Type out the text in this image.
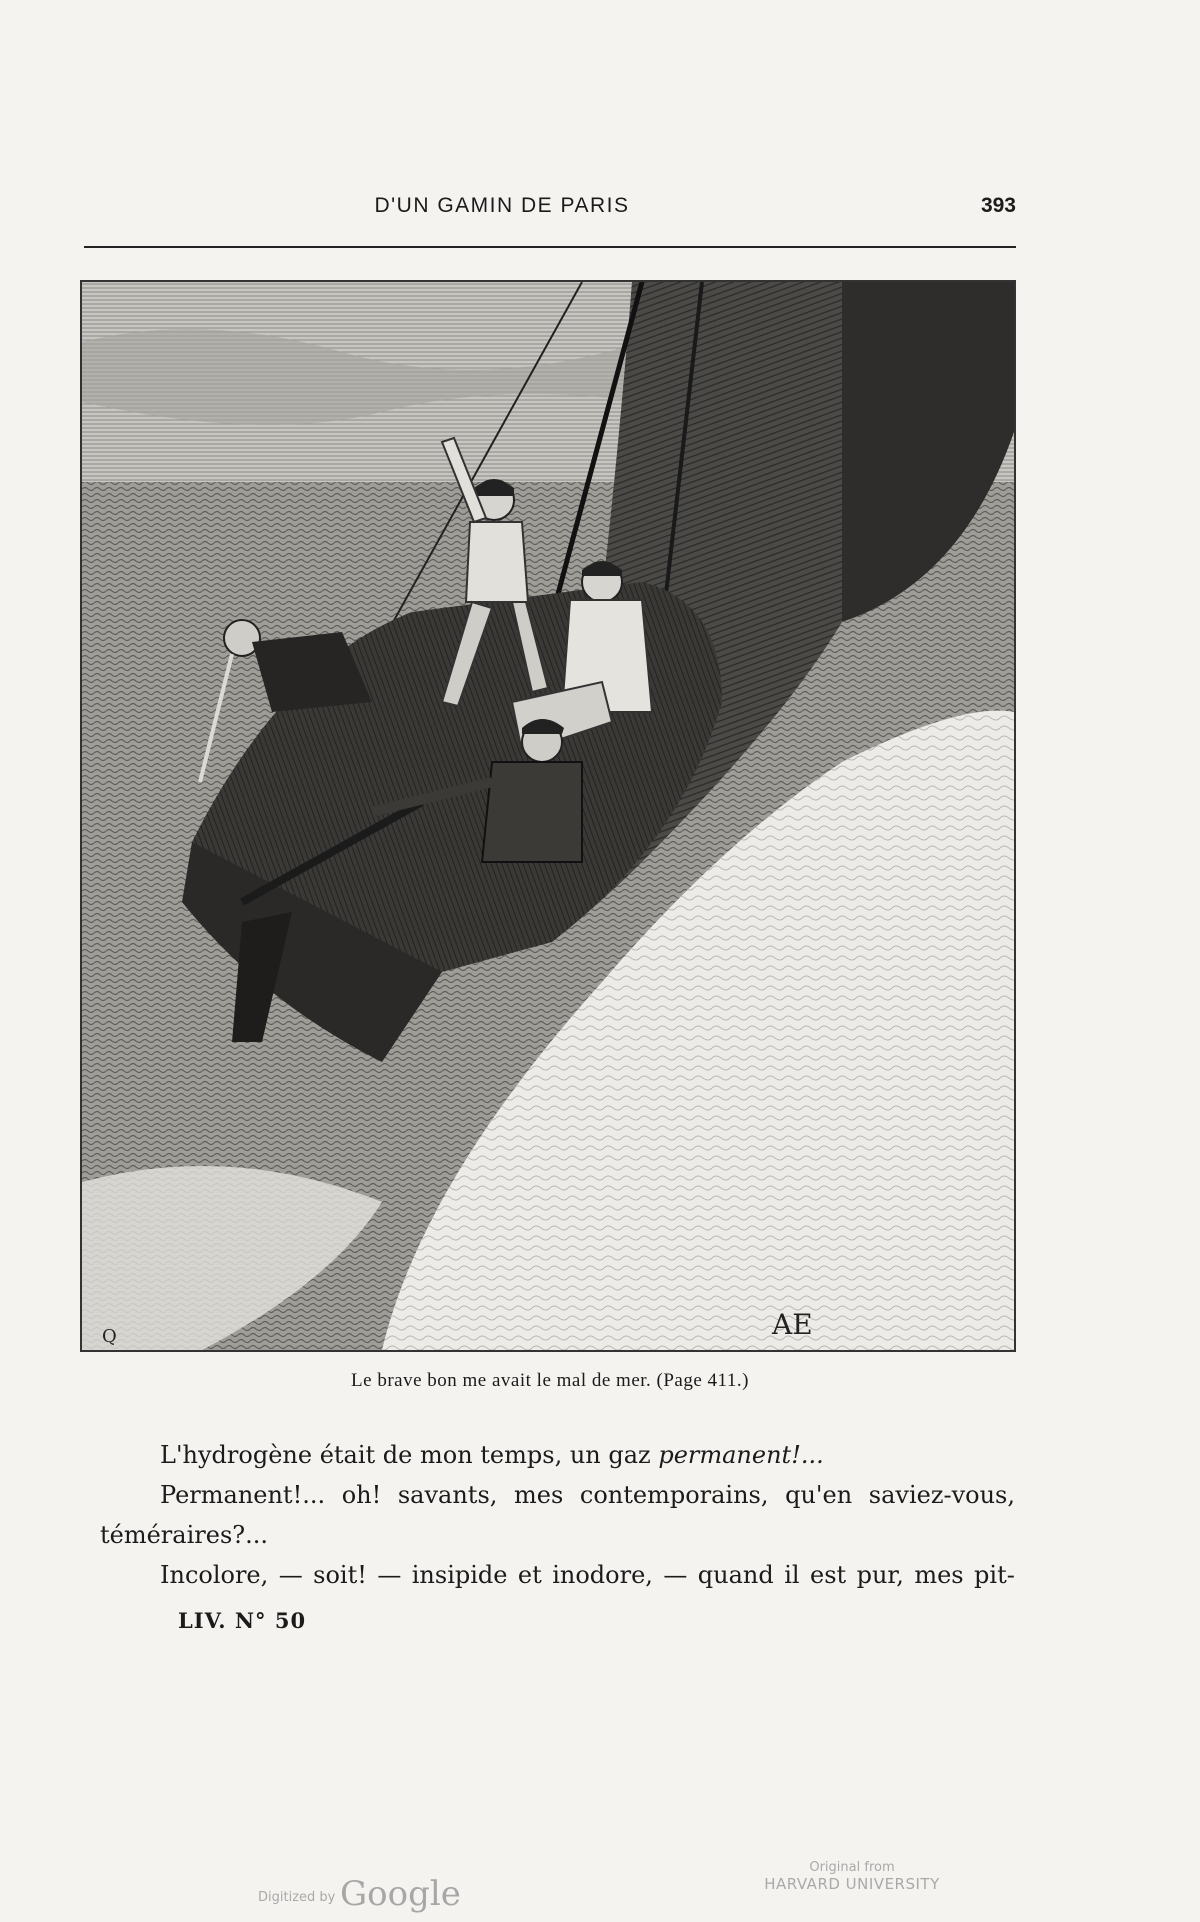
D'UN GAMIN DE PARIS	393
AE
Q
Le brave bon me avait le mal de mer. (Page 411.)

L'hydrogène était de mon temps, un gaz permanent!...

Permanent!... oh! savants, mes contemporains, qu'en saviez-vous,

téméraires?...

Incolore, — soit! — insipide et inodore, — quand il est pur, mes pit-

LIV. N° 50
Digitized by Google
Original from
HARVARD UNIVERSITY
